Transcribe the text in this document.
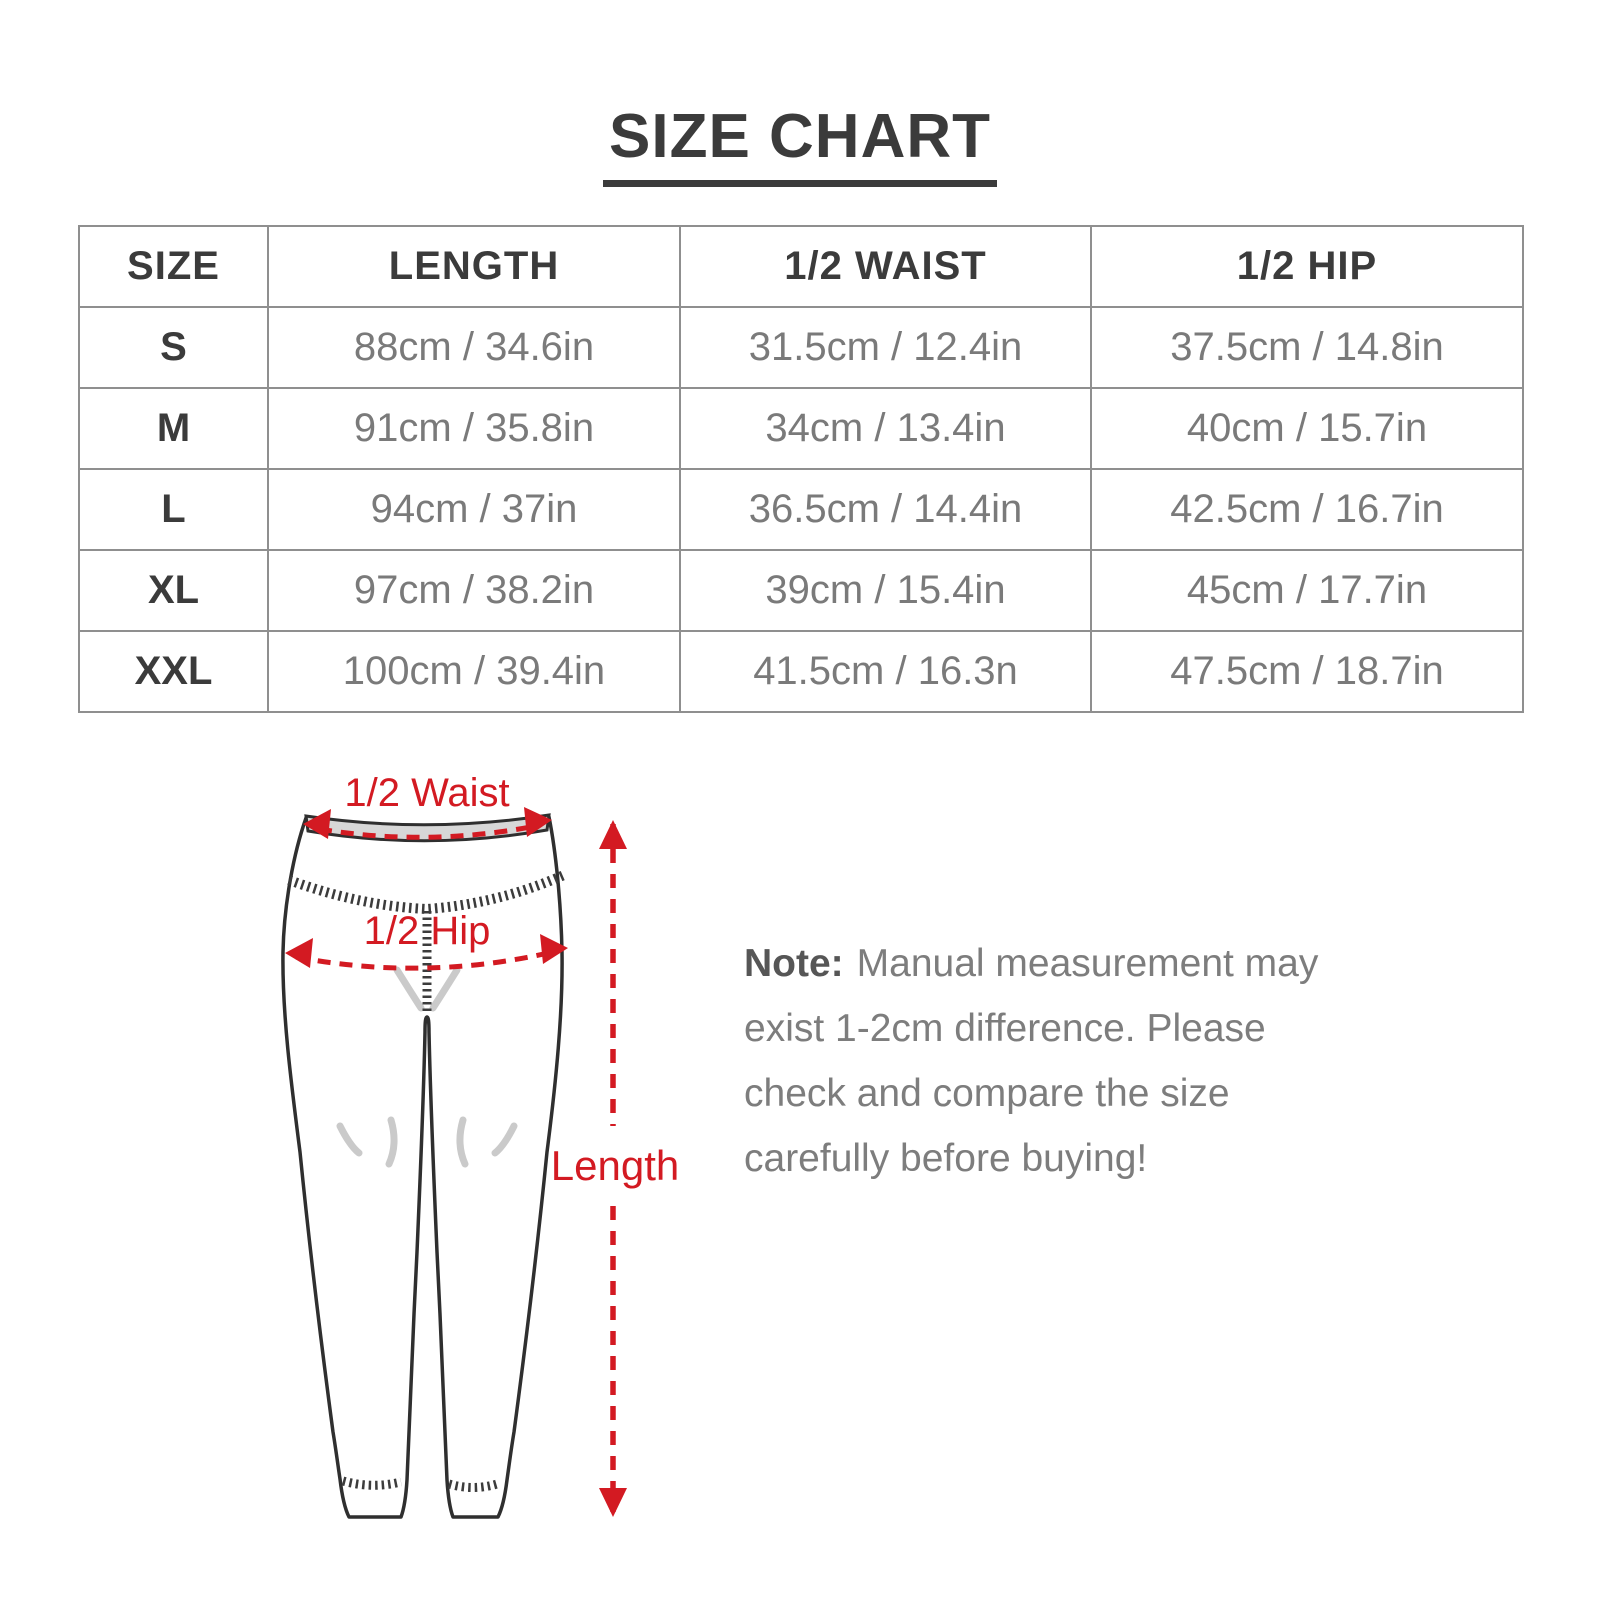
SIZE CHART
SIZE	LENGTH	1/2 WAIST	1/2 HIP
S	88cm / 34.6in	31.5cm / 12.4in	37.5cm / 14.8in
M	91cm / 35.8in	34cm / 13.4in	40cm / 15.7in
L	94cm / 37in	36.5cm / 14.4in	42.5cm / 16.7in
XL	97cm / 38.2in	39cm / 15.4in	45cm / 17.7in
XXL	100cm / 39.4in	41.5cm / 16.3n	47.5cm / 18.7in
1/2 Waist
1/2 Hip
Length
Note: Manual measurement may
exist 1-2cm difference. Please
check and compare the size
carefully before buying!
